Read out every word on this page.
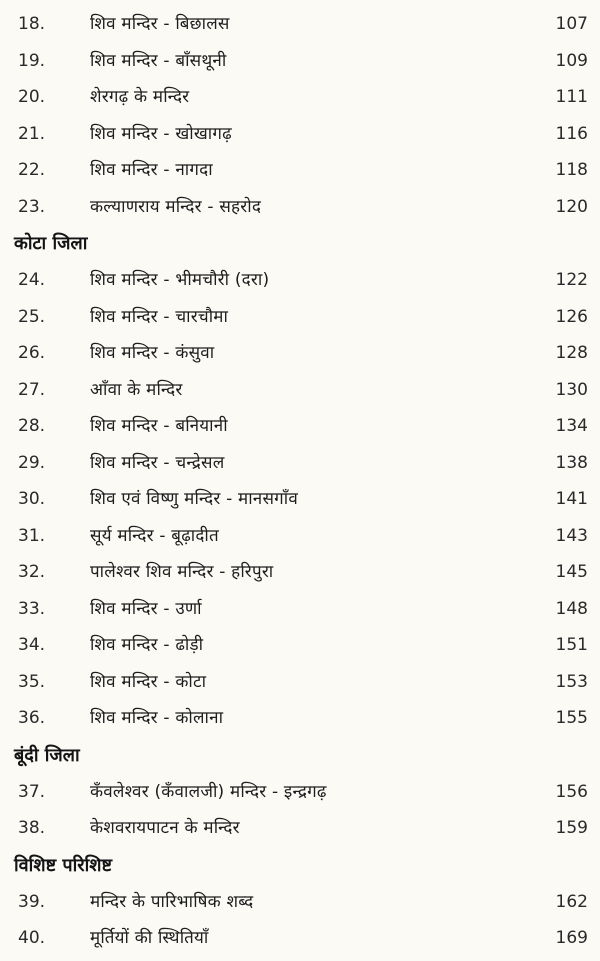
18.	शिव मन्दिर - बिछालस	107
19.	शिव मन्दिर - बाँसथूनी	109
20.	शेरगढ़ के मन्दिर	111
21.	शिव मन्दिर - खोखागढ़	116
22.	शिव मन्दिर - नागदा	118
23.	कल्याणराय मन्दिर - सहरोद	120
कोटा जिला
24.	शिव मन्दिर - भीमचौरी (दरा)	122
25.	शिव मन्दिर - चारचौमा	126
26.	शिव मन्दिर - कंसुवा	128
27.	आँवा के मन्दिर	130
28.	शिव मन्दिर - बनियानी	134
29.	शिव मन्दिर - चन्द्रेसल	138
30.	शिव एवं विष्णु मन्दिर - मानसगाँव	141
31.	सूर्य मन्दिर - बूढ़ादीत	143
32.	पालेश्वर शिव मन्दिर - हरिपुरा	145
33.	शिव मन्दिर - उर्णा	148
34.	शिव मन्दिर - ढोड़ी	151
35.	शिव मन्दिर - कोटा	153
36.	शिव मन्दिर - कोलाना	155
बूंदी जिला
37.	कँवलेश्वर (कँवालजी) मन्दिर - इन्द्रगढ़	156
38.	केशवरायपाटन के मन्दिर	159
विशिष्ट परिशिष्ट
39.	मन्दिर के पारिभाषिक शब्द	162
40.	मूर्तियों की स्थितियाँ	169
